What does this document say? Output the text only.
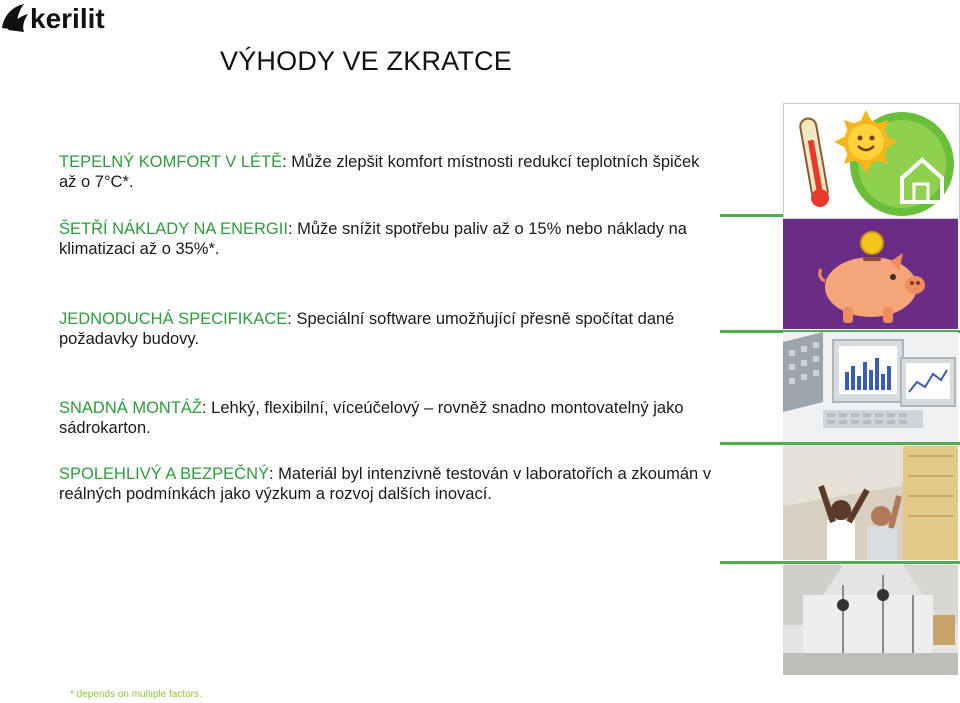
kerilit
VÝHODY VE ZKRATCE
TEPELNÝ KOMFORT V LÉTĚ: Může zlepšit komfort místnosti redukcí teplotních špiček až o 7°C*.
ŠETŘÍ NÁKLADY NA ENERGII: Může snížit spotřebu paliv až o 15% nebo náklady na klimatizaci až o 35%*.
JEDNODUCHÁ SPECIFIKACE: Speciální software umožňující přesně spočítat dané požadavky budovy.
SNADNÁ MONTÁŽ: Lehký, flexibilní, víceúčelový – rovněž snadno montovatelný jako sádrokarton.
SPOLEHLIVÝ A BEZPEČNÝ: Materiál byl intenzivně testován v laboratořích a zkoumán v reálných podmínkách jako výzkum a rozvoj dalších inovací.
* depends on multiple factors.
